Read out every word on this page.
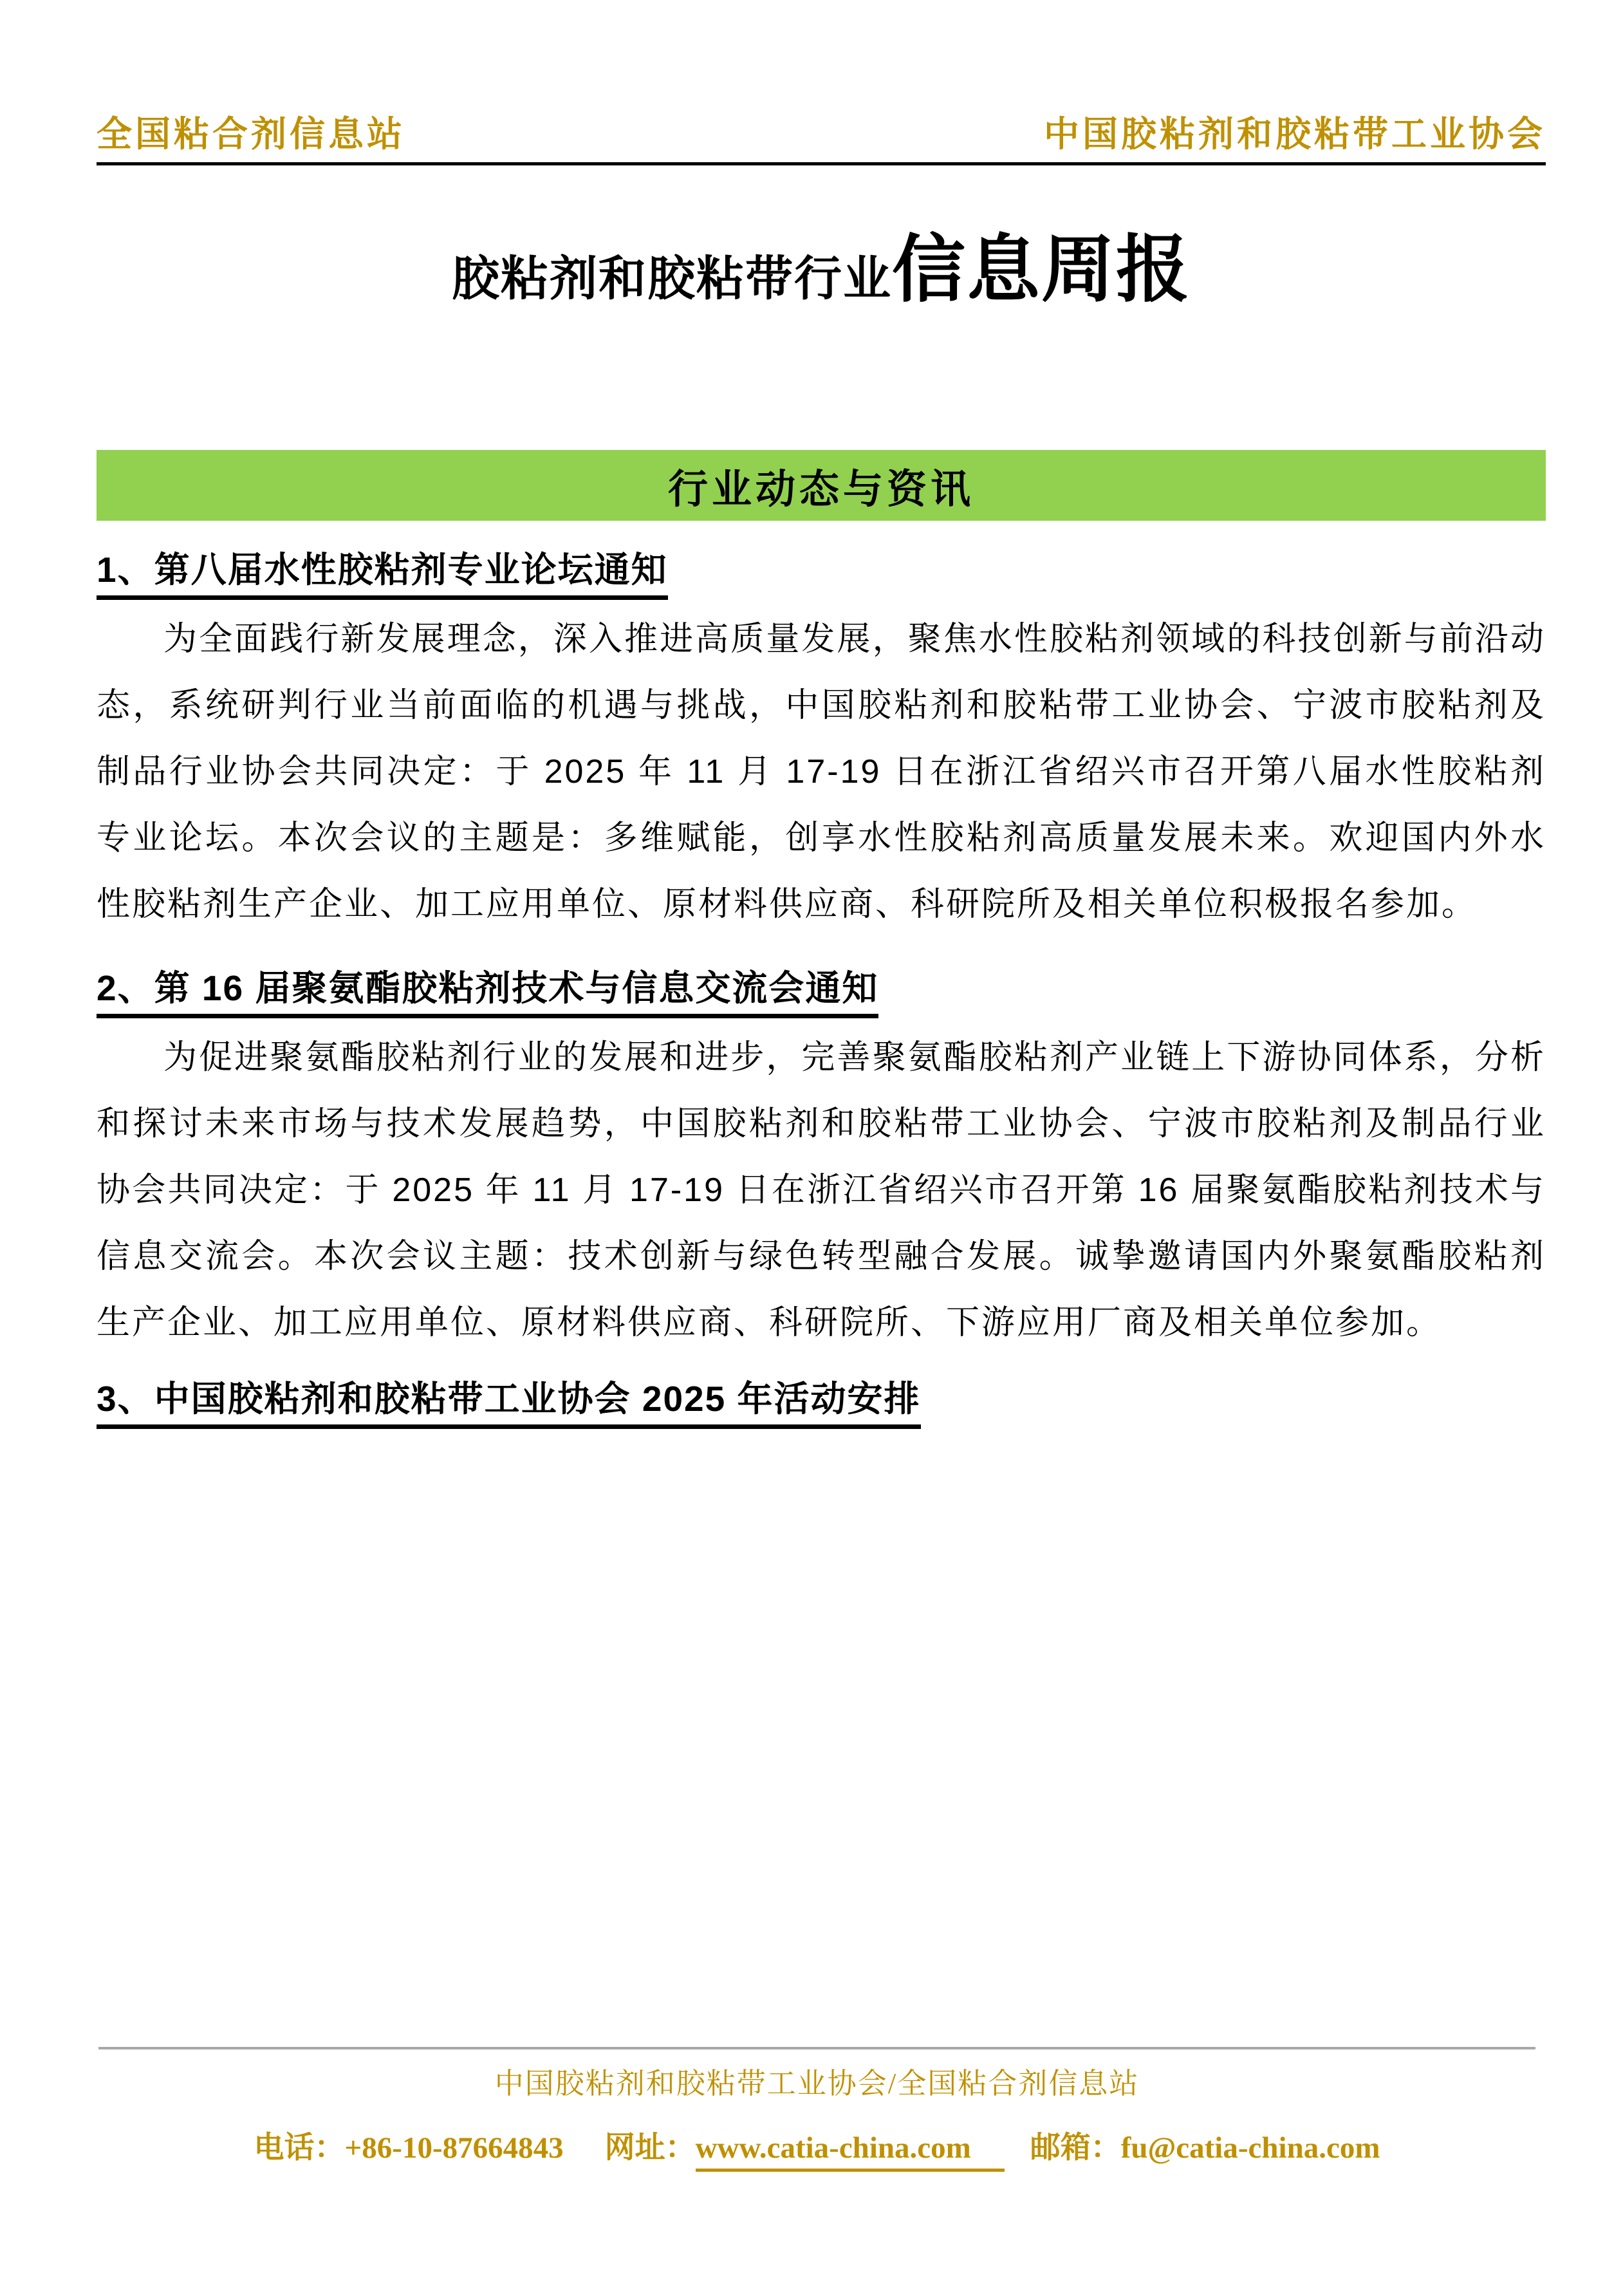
全国粘合剂信息站	中国胶粘剂和胶粘带工业协会
胶粘剂和胶粘带行业信息周报
行业动态与资讯
1、第八届水性胶粘剂专业论坛通知

为全面践行新发展理念，深入推进高质量发展，聚焦水性胶粘剂领域的科技创新与前沿动态，系统研判行业当前面临的机遇与挑战，中国胶粘剂和胶粘带工业协会、宁波市胶粘剂及制品行业协会共同决定：于 2025 年 11 月 17-19 日在浙江省绍兴市召开第八届水性胶粘剂专业论坛。本次会议的主题是：多维赋能，创享水性胶粘剂高质量发展未来。欢迎国内外水性胶粘剂生产企业、加工应用单位、原材料供应商、科研院所及相关单位积极报名参加。

2、第 16 届聚氨酯胶粘剂技术与信息交流会通知

为促进聚氨酯胶粘剂行业的发展和进步，完善聚氨酯胶粘剂产业链上下游协同体系，分析和探讨未来市场与技术发展趋势，中国胶粘剂和胶粘带工业协会、宁波市胶粘剂及制品行业协会共同决定：于 2025 年 11 月 17-19 日在浙江省绍兴市召开第 16 届聚氨酯胶粘剂技术与信息交流会。本次会议主题：技术创新与绿色转型融合发展。诚挚邀请国内外聚氨酯胶粘剂生产企业、加工应用单位、原材料供应商、科研院所、下游应用厂商及相关单位参加。

3、中国胶粘剂和胶粘带工业协会 2025 年活动安排
中国胶粘剂和胶粘带工业协会/全国粘合剂信息站
电话：+86-10-87664843 网址：www.catia-china.com 邮箱：fu@catia-china.com
